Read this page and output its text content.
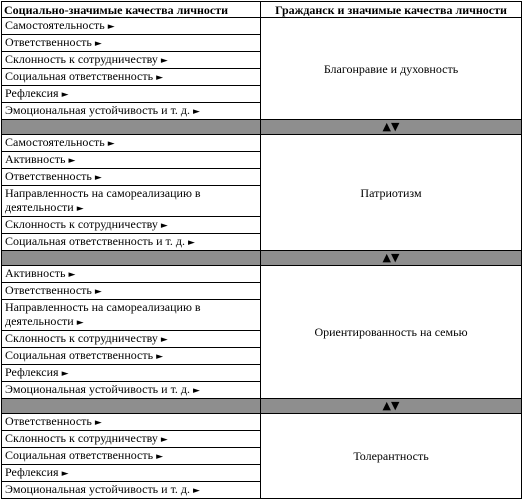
Социально-значимые качества личности	Гражданск и значимые качества личности
Самостоятельность ►	Благонравие и духовность
Ответственность ►	
Склонность к сотрудничеству ►	
Социальная ответственность ►	
Рефлексия ►	
Эмоциональная устойчивость и т. д. ►	
	▲▼
Самостоятельность ►	Патриотизм
Активность ►	
Ответственность ►	
Направленность на самореализацию в деятельности ►	
Склонность к сотрудничеству ►	
Социальная ответственность и т. д. ►	
	▲▼
Активность ►	Ориентированность на семью
Ответственность ►	
Направленность на самореализацию в деятельности ►	
Склонность к сотрудничеству ►	
Социальная ответственность ►	
Рефлексия ►	
Эмоциональная устойчивость и т. д. ►	
	▲▼
Ответственность ►	Толерантность
Склонность к сотрудничеству ►	
Социальная ответственность ►	
Рефлексия ►	
Эмоциональная устойчивость и т. д. ►	
